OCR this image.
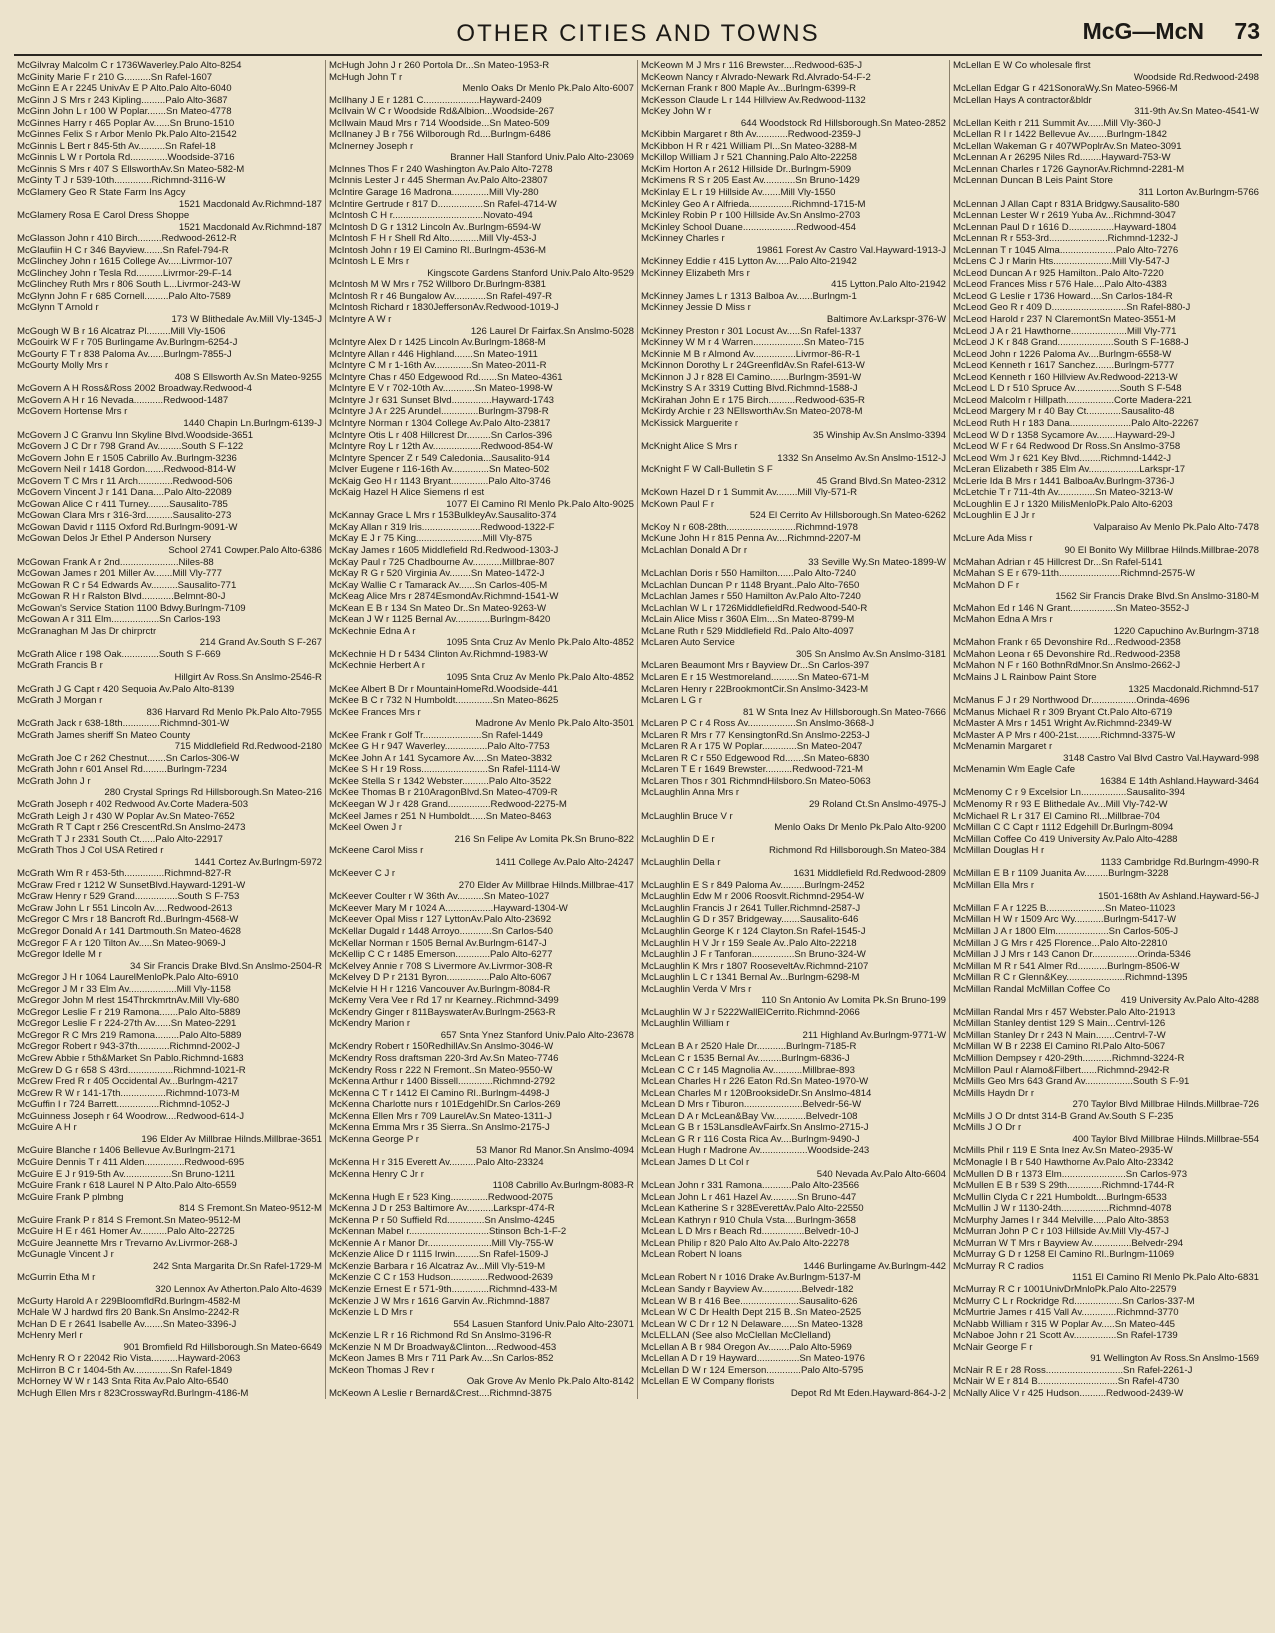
OTHER CITIES AND TOWNS	McG—McN 73
McGilvray Malcolm C r 1736Waverley.Palo Alto-8254
McGinity Marie F r 210 G..........Sn Rafel-1607
McGinn E A r 2245 UnivAv E P Alto.Palo Alto-6040
McGinn J S Mrs r 243 Kipling.........Palo Alto-3687
McGinn John L r 100 W Poplar.......Sn Mateo-4778
McGinnes Harry r 465 Poplar Av......Sn Bruno-1510
McGinnes Felix S r Arbor Menlo Pk.Palo Alto-21542
McGinnis L Bert r 845-5th Av..........Sn Rafel-18
McGinnis L W r Portola Rd..............Woodside-3716
McGinnis S Mrs r 407 S EllsworthAv.Sn Mateo-582-M
McGinty T J r 539-10th..............Richmnd-3116-W
McGlamery Geo R State Farm Ins Agcy
1521 Macdonald Av.Richmnd-187
McGlamery Rosa E Carol Dress Shoppe
1521 Macdonald Av.Richmnd-187
McGlasson John r 410 Birch.........Redwood-2612-R
McGlaufiin H C r 346 Bayview.......Sn Rafel-794-R
McGlinchey John r 1615 College Av.....Livrmor-107
McGlinchey John r Tesla Rd..........Livrmor-29-F-14
McGlinchey Ruth Mrs r 806 South L...Livrmor-243-W
McGlynn John F r 685 Cornell.........Palo Alto-7589
McGlynn T Arnold r
173 W Blithedale Av.Mill Vly-1345-J
McGough W B r 16 Alcatraz Pl.........Mill Vly-1506
McGouirk W F r 705 Burlingame Av.Burlngm-6254-J
McGourty F T r 838 Paloma Av......Burlngm-7855-J
McGourty Molly Mrs r
408 S Ellsworth Av.Sn Mateo-9255
McGovern A H Ross&Ross 2002 Broadway.Redwood-4
McGovern A H r 16 Nevada...........Redwood-1487
McGovern Hortense Mrs r
1440 Chapin Ln.Burlngm-6139-J
McGovern J C Granvu Inn Skyline Blvd.Woodside-3651
McGovern J C Dr r 798 Grand Av.........South S F-122
McGovern John E r 1505 Cabrillo Av..Burlngm-3236
McGovern Neil r 1418 Gordon.......Redwood-814-W
McGovern T C Mrs r 11 Arch.............Redwood-506
McGovern Vincent J r 141 Dana....Palo Alto-22089
McGowan Alice C r 411 Turney........Sausalito-785
McGowan Clara Mrs r 316-3rd..........Sausalito-273
McGowan David r 1115 Oxford Rd.Burlngm-9091-W
McGowan Delos Jr Ethel P Anderson Nursery
School 2741 Cowper.Palo Alto-6386
McGowan Frank A r 2nd......................Niles-88
McGowan James r 201 Miller Av.......Mill Vly-777
McGowan R C r 54 Edwards Av..........Sausalito-771
McGowan R H r Ralston Blvd............Belmnt-80-J
McGowan's Service Station 1100 Bdwy.Burlngm-7109
McGowan A r 311 Elm..................Sn Carlos-193
McGranaghan M Jas Dr chirprctr
214 Grand Av.South S F-267
McGrath Alice r 198 Oak..............South S F-669
McGrath Francis B r
Hillgirt Av Ross.Sn Anslmo-2546-R
McGrath J G Capt r 420 Sequoia Av.Palo Alto-8139
McGrath J Morgan r
836 Harvard Rd Menlo Pk.Palo Alto-7955
McGrath Jack r 638-18th..............Richmnd-301-W
McGrath James sheriff Sn Mateo County
715 Middlefield Rd.Redwood-2180
McGrath Joe C r 262 Chestnut.......Sn Carlos-306-W
McGrath John r 601 Ansel Rd.........Burlngm-7234
McGrath John J r
280 Crystal Springs Rd Hillsborough.Sn Mateo-216
McGrath Joseph r 402 Redwood Av.Corte Madera-503
McGrath Leigh J r 430 W Poplar Av.Sn Mateo-7652
McGrath R T Capt r 256 CrescentRd.Sn Anslmo-2473
McGrath T J r 2331 South Ct......Palo Alto-22917
McGrath Thos J Col USA Retired r
1441 Cortez Av.Burlngm-5972
McGrath Wm R r 453-5th...............Richmnd-827-R
McGraw Fred r 1212 W SunsetBlvd.Hayward-1291-W
McGraw Henry r 529 Grand................South S F-753
McGraw John L r 551 Lincoln Av.....Redwood-2613
McGregor C Mrs r 18 Bancroft Rd..Burlngm-4568-W
McGregor Donald A r 141 Dartmouth.Sn Mateo-4628
McGregor F A r 120 Tilton Av.....Sn Mateo-9069-J
McGregor Idelle M r
34 Sir Francis Drake Blvd.Sn Anslmo-2504-R
McGregor J H r 1064 LaurelMenloPk.Palo Alto-6910
McGregor J M r 33 Elm Av..................Mill Vly-1158
McGregor John M rlest 154ThrckmrtnAv.Mill Vly-680
McGregor Leslie F r 219 Ramona.......Palo Alto-5889
McGregor Leslie F r 224-27th Av......Sn Mateo-2291
McGregor R C Mrs 219 Ramona.........Palo Alto-5889
McGregor Robert r 943-37th............Richmnd-2002-J
McGrew Abbie r 5th&Market Sn Pablo.Richmnd-1683
McGrew D G r 658 S 43rd.................Richmnd-1021-R
McGrew Fred R r 405 Occidental Av...Burlngm-4217
McGrew R W r 141-17th.................Richmnd-1073-M
McGuffin I r 724 Barrett................Richmnd-1052-J
McGuinness Joseph r 64 Woodrow....Redwood-614-J
McGuire A H r
196 Elder Av Millbrae Hilnds.Millbrae-3651
McGuire Blanche r 1406 Bellevue Av.Burlngm-2171
McGuire Dennis T r 411 Alden...............Redwood-695
McGuire E J r 919-5th Av..................Sn Bruno-1211
McGuire Frank r 618 Laurel N P Alto.Palo Alto-6559
McGuire Frank P plmbng
814 S Fremont.Sn Mateo-9512-M
McGuire Frank P r 814 S Fremont.Sn Mateo-9512-M
McGuire H E r 461 Homer Av..........Palo Alto-22725
McGuire Jeannette Mrs r Trevarno Av.Livrmor-268-J
McGunagle Vincent J r
242 Snta Margarita Dr.Sn Rafel-1729-M
McGurrin Etha M r
320 Lennox Av Atherton.Palo Alto-4639
McGurty Harold A r 229BloomfldRd.Burlngm-4582-M
McHale W J hardwd flrs 20 Bank.Sn Anslmo-2242-R
McHan D E r 2641 Isabelle Av.......Sn Mateo-3396-J
McHenry Merl r
901 Bromfield Rd Hillsborough.Sn Mateo-6649
McHenry R O r 22042 Rio Vista..........Hayward-2063
McHirron B C r 1404-5th Av..............Sn Rafel-1849
McHorney W W r 143 Snta Rita Av.Palo Alto-6540
McHugh Ellen Mrs r 823CrosswayRd.Burlngm-4186-M
McHugh John J r 260 Portola Dr...Sn Mateo-1953-R
McHugh John T r
Menlo Oaks Dr Menlo Pk.Palo Alto-6007
McIlhany J E r 1281 C.....................Hayward-2409
McIlvain W C r Woodside Rd&Albion...Woodside-267
McIlwain Maud Mrs r 714 Woodside...Sn Mateo-509
McIlnaney J B r 756 Wilborough Rd....Burlngm-6486
McInerney Joseph r
Branner Hall Stanford Univ.Palo Alto-23069
McInnes Thos F r 240 Washington Av.Palo Alto-7278
McInnis Lester J r 445 Sherman Av.Palo Alto-23807
McIntire Garage 16 Madrona..............Mill Vly-280
McIntire Gertrude r 817 D.................Sn Rafel-4714-W
McIntosh C H r..................................Novato-494
McIntosh D G r 1312 Lincoln Av..Burlngm-6594-W
McIntosh F H r Shell Rd Alto...........Mill Vly-453-J
McIntosh John r 19 El Camino Rl..Burlngm-4536-M
McIntosh L E Mrs r
Kingscote Gardens Stanford Univ.Palo Alto-9529
McIntosh M W Mrs r 752 Willboro Dr.Burlngm-8381
McIntosh R r 46 Bungalow Av............Sn Rafel-497-R
McIntosh Richard r 1830JeffersonAv.Redwood-1019-J
McIntyre A W r
126 Laurel Dr Fairfax.Sn Anslmo-5028
McIntyre Alex D r 1425 Lincoln Av.Burlngm-1868-M
McIntyre Allan r 446 Highland.......Sn Mateo-1911
McIntyre C M r 1-16th Av..............Sn Mateo-2011-R
McIntyre Chas r 450 Edgewood Rd.......Sn Mateo-4361
McIntyre E V r 702-10th Av............Sn Mateo-1998-W
McIntyre J r 631 Sunset Blvd...............Hayward-1743
McIntyre J A r 225 Arundel..............Burlngm-3798-R
McIntyre Norman r 1304 College Av.Palo Alto-23817
McIntyre Otis L r 408 Hillcrest Dr.........Sn Carlos-396
McIntyre Roy L r 12th Av..................Redwood-854-W
McIntyre Spencer Z r 549 Caledonia...Sausalito-914
McIver Eugene r 116-16th Av..............Sn Mateo-502
McKaig Geo H r 1143 Bryant..............Palo Alto-3746
McKaig Hazel H Alice Siemens rl est
1077 El Camino Rl Menlo Pk.Palo Alto-9025
McKannay Grace L Mrs r 153BulkleyAv.Sausalito-374
McKay Allan r 319 Iris......................Redwood-1322-F
McKay E J r 75 King.........................Mill Vly-875
McKay James r 1605 Middlefield Rd.Redwood-1303-J
McKay Paul r 725 Chadbourne Av...........Millbrae-807
McKay R G r 520 Virginia Av........Sn Mateo-1472-J
McKay Wallie C r Tamarack Av......Sn Carlos-405-M
McKeag Alice Mrs r 2874EsmondAv.Richmnd-1541-W
McKean E B r 134 Sn Mateo Dr..Sn Mateo-9263-W
McKean J W r 1125 Bernal Av.............Burlngm-8420
McKechnie Edna A r
1095 Snta Cruz Av Menlo Pk.Palo Alto-4852
McKechnie H D r 5434 Clinton Av.Richmnd-1983-W
McKechnie Herbert A r
1095 Snta Cruz Av Menlo Pk.Palo Alto-4852
McKee Albert B Dr r MountainHomeRd.Woodside-441
McKee B C r 732 N Humboldt..............Sn Mateo-8625
McKee Frances Mrs r
Madrone Av Menlo Pk.Palo Alto-3501
McKee Frank r Golf Tr......................Sn Rafel-1449
McKee G H r 947 Waverley................Palo Alto-7753
McKee John A r 141 Sycamore Av.....Sn Mateo-3832
McKee S H r 19 Ross.........................Sn Rafel-1114-W
McKee Stella S r 1342 Webster..........Palo Alto-3522
McKee Thomas B r 210AragonBlvd.Sn Mateo-4709-R
McKeegan W J r 428 Grand................Redwood-2275-M
McKeel James r 251 N Humboldt......Sn Mateo-8463
McKeel Owen J r
216 Sn Felipe Av Lomita Pk.Sn Bruno-822
McKeene Carol Miss r
1411 College Av.Palo Alto-24247
McKeever C J r
270 Elder Av Millbrae Hilnds.Millbrae-417
McKeever Coulter r W 36th Av..........Sn Mateo-1027
McKeever Mary M r 1024 A..................Hayward-1304-W
McKeever Opal Miss r 127 LyttonAv.Palo Alto-23692
McKellar Dugald r 1448 Arroyo............Sn Carlos-540
McKellar Norman r 1505 Bernal Av.Burlngm-6147-J
McKellip C C r 1485 Emerson.............Palo Alto-6277
McKelvey Annie r 708 S Livermore Av.Livrmor-308-R
McKelvey D P r 2131 Byron................Palo Alto-6067
McKelvie H H r 1216 Vancouver Av.Burlngm-8084-R
McKemy Vera Vee r Rd 17 nr Kearney..Richmnd-3499
McKendry Ginger r 811BayswaterAv.Burlngm-2563-R
McKendry Marion r
657 Snta Ynez Stanford Univ.Palo Alto-23678
McKendry Robert r 150RedhillAv.Sn Anslmo-3046-W
McKendry Ross draftsman 220-3rd Av.Sn Mateo-7746
McKendry Ross r 222 N Fremont..Sn Mateo-9550-W
McKenna Arthur r 1400 Bissell.............Richmnd-2792
McKenna C T r 1412 El Camino Rl..Burlngm-4498-J
McKenna Charlotte nurs r 101EdgehlDr.Sn Carlos-269
McKenna Ellen Mrs r 709 LaurelAv.Sn Mateo-1311-J
McKenna Emma Mrs r 35 Sierra..Sn Anslmo-2175-J
McKenna George P r
53 Manor Rd Manor.Sn Anslmo-4094
McKenna H r 315 Everett Av..........Palo Alto-23324
McKenna Henry C Jr r
1108 Cabrillo Av.Burlngm-8083-R
McKenna Hugh E r 523 King..............Redwood-2075
McKenna J D r 253 Baltimore Av..........Larkspr-474-R
McKenna P r 50 Suffield Rd..............Sn Anslmo-4245
McKennan Mabel r..............................Stinson Bch-1-F-2
McKennie A r Manor Dr........................Mill Vly-755-W
McKenzie Alice D r 1115 Irwin.........Sn Rafel-1509-J
McKenzie Barbara r 16 Alcatraz Av...Mill Vly-519-M
McKenzie C C r 153 Hudson..............Redwood-2639
McKenzie Ernest E r 571-9th..............Richmnd-433-M
McKenzie J W Mrs r 1616 Garvin Av..Richmnd-1887
McKenzie L D Mrs r
554 Lasuen Stanford Univ.Palo Alto-23071
McKenzie L R r 16 Richmond Rd Sn Anslmo-3196-R
McKenzie N M Dr Broadway&Clinton....Redwood-453
McKeon James B Mrs r 711 Park Av....Sn Carlos-852
McKeon Thomas J Rev r
Oak Grove Av Menlo Pk.Palo Alto-8142
McKeown A Leslie r Bernard&Crest....Richmnd-3875
McKeown M J Mrs r 116 Brewster....Redwood-635-J
McKeown Nancy r Alvrado-Newark Rd.Alvrado-54-F-2
McKernan Frank r 800 Maple Av...Burlngm-6399-R
McKesson Claude L r 144 Hillview Av.Redwood-1132
McKey John W r
644 Woodstock Rd Hillsborough.Sn Mateo-2852
McKibbin Margaret r 8th Av............Redwood-2359-J
McKibbon H R r 421 William Pl...Sn Mateo-3288-M
McKillop William J r 521 Channing.Palo Alto-22258
McKim Horton A r 2612 Hillside Dr..Burlngm-5909
McKimens R S r 205 East Av............Sn Bruno-1429
McKinlay E L r 19 Hillside Av.......Mill Vly-1550
McKinley Geo A r Alfrieda................Richmnd-1715-M
McKinley Robin P r 100 Hillside Av.Sn Anslmo-2703
McKinley School Duane....................Redwood-454
McKinney Charles r
19861 Forest Av Castro Val.Hayward-1913-J
McKinney Eddie r 415 Lytton Av.....Palo Alto-21942
McKinney Elizabeth Mrs r
415 Lytton.Palo Alto-21942
McKinney James L r 1313 Balboa Av......Burlngm-1
McKinney Jessie D Miss r
Baltimore Av.Larkspr-376-W
McKinney Preston r 301 Locust Av.....Sn Rafel-1337
McKinney W M r 4 Warren...................Sn Mateo-715
McKinnie M B r Almond Av................Livrmor-86-R-1
McKinnon Dorothy L r 24GreenfldAv.Sn Rafel-613-W
McKinnon J J r 828 El Camino.......Burlngm-3591-W
McKinstry S A r 3319 Cutting Blvd.Richmnd-1588-J
McKirahan John E r 175 Birch..........Redwood-635-R
McKirdy Archie r 23 NEllsworthAv.Sn Mateo-2078-M
McKissick Marguerite r
35 Winship Av.Sn Anslmo-3394
McKnight Alice S Mrs r
1332 Sn Anselmo Av.Sn Anslmo-1512-J
McKnight F W Call-Bulletin S F
45 Grand Blvd.Sn Mateo-2312
McKown Hazel D r 1 Summit Av........Mill Vly-571-R
McKown Paul F r
524 El Cerrito Av Hillsborough.Sn Mateo-6262
McKoy N r 608-28th..........................Richmnd-1978
McKune John H r 815 Penna Av....Richmnd-2207-M
McLachlan Donald A Dr r
33 Seville Wy.Sn Mateo-1899-W
McLachlan Doris r 550 Hamilton......Palo Alto-7240
McLachlan Duncan P r 1148 Bryant..Palo Alto-7650
McLachlan James r 550 Hamilton Av.Palo Alto-7240
McLachlan W L r 1726MiddlefieldRd.Redwood-540-R
McLain Alice Miss r 360A Elm....Sn Mateo-8799-M
McLane Ruth r 529 Middlefield Rd..Palo Alto-4097
McLaren Auto Service
305 Sn Anslmo Av.Sn Anslmo-3181
McLaren Beaumont Mrs r Bayview Dr...Sn Carlos-397
McLaren E r 15 Westmoreland..........Sn Mateo-671-M
McLaren Henry r 22BrookmontCir.Sn Anslmo-3423-M
McLaren L G r
81 W Snta Inez Av Hillsborough.Sn Mateo-7666
McLaren P C r 4 Ross Av..................Sn Anslmo-3668-J
McLaren R Mrs r 77 KensingtonRd.Sn Anslmo-2253-J
McLaren R A r 175 W Poplar.............Sn Mateo-2047
McLaren R C r 550 Edgewood Rd.......Sn Mateo-6830
McLaren T E r 1649 Brewster..........Redwood-721-M
McLaren Thos r 301 RichmndHilsboro.Sn Mateo-5063
McLaughlin Anna Mrs r
29 Roland Ct.Sn Anslmo-4975-J
McLaughlin Bruce V r
Menlo Oaks Dr Menlo Pk.Palo Alto-9200
McLaughlin D E r
Richmond Rd Hillsborough.Sn Mateo-384
McLaughlin Della r
1631 Middlefield Rd.Redwood-2809
McLaughlin E S r 849 Paloma Av.........Burlngm-2452
McLaughlin Edw M r 2006 Roosvlt.Richmnd-2954-W
McLaughlin Francis J r 2641 Tuller.Richmnd-2587-J
McLaughlin G D r 357 Bridgeway.......Sausalito-646
McLaughlin George K r 124 Clayton.Sn Rafel-1545-J
McLaughlin H V Jr r 159 Seale Av..Palo Alto-22218
McLaughlin J F r Tanforan................Sn Bruno-324-W
McLaughlin K Mrs r 1807 RooseveltAv.Richmnd-2107
McLaughlin L C r 1341 Bernal Av...Burlngm-6298-M
McLaughlin Verda V Mrs r
110 Sn Antonio Av Lomita Pk.Sn Bruno-199
McLaughlin W J r 5222WallElCerrito.Richmnd-2066
McLaughlin William r
211 Highland Av.Burlngm-9771-W
McLean B A r 2520 Hale Dr...........Burlngm-7185-R
McLean C r 1535 Bernal Av.........Burlngm-6836-J
McLean C C r 145 Magnolia Av...........Millbrae-893
McLean Charles H r 226 Eaton Rd.Sn Mateo-1970-W
McLean Charles M r 120BrooksideDr.Sn Anslmo-4814
McLean D Mrs r Tiburon......................Belvedr-56-W
McLean D A r McLean&Bay Vw............Belvedr-108
McLean G B r 153LansdleAvFairfx.Sn Anslmo-2715-J
McLean G R r 116 Costa Rica Av....Burlngm-9490-J
McLean Hugh r Madrone Av..................Woodside-243
McLean James D Lt Col r
540 Nevada Av.Palo Alto-6604
McLean John r 331 Ramona...........Palo Alto-23566
McLean John L r 461 Hazel Av..........Sn Bruno-447
McLean Katherine S r 328EverettAv.Palo Alto-22550
McLean Kathryn r 910 Chula Vsta....Burlngm-3658
McLean L D Mrs r Beach Rd................Belvedr-10-J
McLean Philip r 820 Palo Alto Av.Palo Alto-22278
McLean Robert N loans
1446 Burlingame Av.Burlngm-442
McLean Robert N r 1016 Drake Av.Burlngm-5137-M
McLean Sandy r Bayview Av...............Belvedr-182
McLean W B r 416 Bee......................Sausalito-626
McLean W C Dr Health Dept 215 B..Sn Mateo-2525
McLean W C Dr r 12 N Delaware......Sn Mateo-1328
McLELLAN (See also McClellan McClelland)
McLellan A B r 984 Oregon Av........Palo Alto-5969
McLellan A D r 19 Hayward................Sn Mateo-1976
McLellan D W r 124 Emerson.............Palo Alto-5795
McLellan E W Company florists
Depot Rd Mt Eden.Hayward-864-J-2
McLellan E W Co wholesale flrst
Woodside Rd.Redwood-2498
McLellan Edgar G r 421SonoraWy.Sn Mateo-5966-M
McLellan Hays A contractor&bldr
311-9th Av.Sn Mateo-4541-W
McLellan Keith r 211 Summit Av......Mill Vly-360-J
McLellan R I r 1422 Bellevue Av.......Burlngm-1842
McLellan Wakeman G r 407WPoplrAv.Sn Mateo-3091
McLennan A r 26295 Niles Rd........Hayward-753-W
McLennan Charles r 1726 GaynorAv.Richmnd-2281-M
McLennan Duncan B Leis Paint Store
311 Lorton Av.Burlngm-5766
McLennan J Allan Capt r 831A Bridgwy.Sausalito-580
McLennan Lester W r 2619 Yuba Av...Richmnd-3047
McLennan Paul D r 1616 D.................Hayward-1804
McLennan R r 553-3rd......................Richmnd-1232-J
McLennan T r 1045 Alma.....................Palo Alto-7276
McLens C J r Marin Hts......................Mill Vly-547-J
McLeod Duncan A r 925 Hamilton..Palo Alto-7220
McLeod Frances Miss r 576 Hale....Palo Alto-4383
McLeod G Leslie r 1736 Howard....Sn Carlos-184-R
McLeod Geo R r 409 D............................Sn Rafel-880-J
McLeod Harold r 237 N ClaremontSn Mateo-3551-M
McLeod J A r 21 Hawthorne.....................Mill Vly-771
McLeod J K r 848 Grand.....................South S F-1688-J
McLeod John r 1226 Paloma Av....Burlngm-6558-W
McLeod Kenneth r 1617 Sanchez.......Burlngm-5777
McLeod Kenneth r 160 Hillview Av.Redwood-2213-W
McLeod L D r 510 Spruce Av.................South S F-548
McLeod Malcolm r Hillpath..................Corte Madera-221
McLeod Margery M r 40 Bay Ct.............Sausalito-48
McLeod Ruth H r 183 Dana.......................Palo Alto-22267
McLeod W D r 1358 Sycamore Av.......Hayward-29-J
McLeod W F r 64 Redwood Dr Ross.Sn Anslmo-3758
McLeod Wm J r 621 Key Blvd........Richmnd-1442-J
McLeran Elizabeth r 385 Elm Av...................Larkspr-17
McLerie Ida B Mrs r 1441 BalboaAv.Burlngm-3736-J
McLetchie T r 711-4th Av..............Sn Mateo-3213-W
McLoughlin E J r 1320 MilisMenloPk.Palo Alto-6203
McLoughlin E J Jr r
Valparaiso Av Menlo Pk.Palo Alto-7478
McLure Ada Miss r
90 El Bonito Wy Millbrae Hilnds.Millbrae-2078
McMahan Adrian r 45 Hillcrest Dr...Sn Rafel-5141
McMahan S E r 679-11th.......................Richmnd-2575-W
McMahon D F r
1562 Sir Francis Drake Blvd.Sn Anslmo-3180-M
McMahon Ed r 146 N Grant.................Sn Mateo-3552-J
McMahon Edna A Mrs r
1220 Capuchino Av.Burlngm-3718
McMahon Frank r 65 Devonshire Rd...Redwood-2358
McMahon Leona r 65 Devonshire Rd..Redwood-2358
McMahon N F r 160 BothnRdMnor.Sn Anslmo-2662-J
McMains J L Rainbow Paint Store
1325 Macdonald.Richmnd-517
McManus F J r 29 Northwood Dr.................Orinda-4696
McManus Michael R r 309 Bryant Ct.Palo Alto-6719
McMaster A Mrs r 1451 Wright Av.Richmnd-2349-W
McMaster A P Mrs r 400-21st.........Richmnd-3375-W
McMenamin Margaret r
3148 Castro Val Blvd Castro Val.Hayward-998
McMenamin Wm Eagle Cafe
16384 E 14th Ashland.Hayward-3464
McMenomy C r 9 Excelsior Ln.................Sausalito-394
McMenomy R r 93 E Blithedale Av...Mill Vly-742-W
McMichael R L r 317 El Camino Rl...Millbrae-704
McMillan C C Capt r 1112 Edgehill Dr.Burlngm-8094
McMillan Coffee Co 419 University Av.Palo Alto-4288
McMillan Douglas H r
1133 Cambridge Rd.Burlngm-4990-R
McMillan E B r 1109 Juanita Av.........Burlngm-3228
McMillan Ella Mrs r
1501-168th Av Ashland.Hayward-56-J
McMillan F A r 1225 B......................Sn Mateo-11023
McMillan H W r 1509 Arc Wy...........Burlngm-5417-W
McMillan J A r 1800 Elm....................Sn Carlos-505-J
McMillan J G Mrs r 425 Florence...Palo Alto-22810
McMillan J J Mrs r 143 Canon Dr.................Orinda-5346
McMillan M R r 541 Almer Rd...........Burlngm-8506-W
McMillan R C r Glenn&Key......................Richmnd-1395
McMillan Randal McMillan Coffee Co
419 University Av.Palo Alto-4288
McMillan Randal Mrs r 457 Webster.Palo Alto-21913
McMillan Stanley dentist 129 S Main...Centrvl-126
McMillan Stanley Dr r 243 N Main.......Centrvl-7-W
McMillan W B r 2238 El Camino Rl.Palo Alto-5067
McMillion Dempsey r 420-29th...........Richmnd-3224-R
McMillon Paul r Alamo&Filbert......Richmnd-2942-R
McMills Geo Mrs 643 Grand Av..................South S F-91
McMills Haydn Dr r
270 Taylor Blvd Millbrae Hilnds.Millbrae-726
McMills J O Dr dntst 314-B Grand Av.South S F-235
McMills J O Dr r
400 Taylor Blvd Millbrae Hilnds.Millbrae-554
McMills Phil r 119 E Snta Inez Av.Sn Mateo-2935-W
McMonagle I B r 540 Hawthorne Av.Palo Alto-23342
McMullen D B r 1373 Elm........................Sn Carlos-973
McMullen E B r 539 S 29th.............Richmnd-1744-R
McMullin Clyda C r 221 Humboldt....Burlngm-6533
McMullin J W r 1130-24th..................Richmnd-4078
McMurphy James I r 344 Melville.....Palo Alto-3853
McMurran John P C r 103 Hillside Av.Mill Vly-457-J
McMurran W T Mrs r Bayview Av...............Belvedr-294
McMurray G D r 1258 El Camino Rl..Burlngm-11069
McMurray R C radios
1151 El Camino Rl Menlo Pk.Palo Alto-6831
McMurray R C r 1001UnivDrMnloPk.Palo Alto-22579
McMurry C L r Rockridge Rd..................Sn Carlos-337-M
McMurtrie James r 415 Vall Av.............Richmnd-3770
McNabb William r 315 W Poplar Av.....Sn Mateo-445
McNaboe John r 21 Scott Av................Sn Rafel-1739
McNair George F r
91 Wellington Av Ross.Sn Anslmo-1569
McNair R E r 28 Ross.............................Sn Rafel-2261-J
McNair W E r 814 B..............................Sn Rafel-4730
McNally Alice V r 425 Hudson..........Redwood-2439-W
